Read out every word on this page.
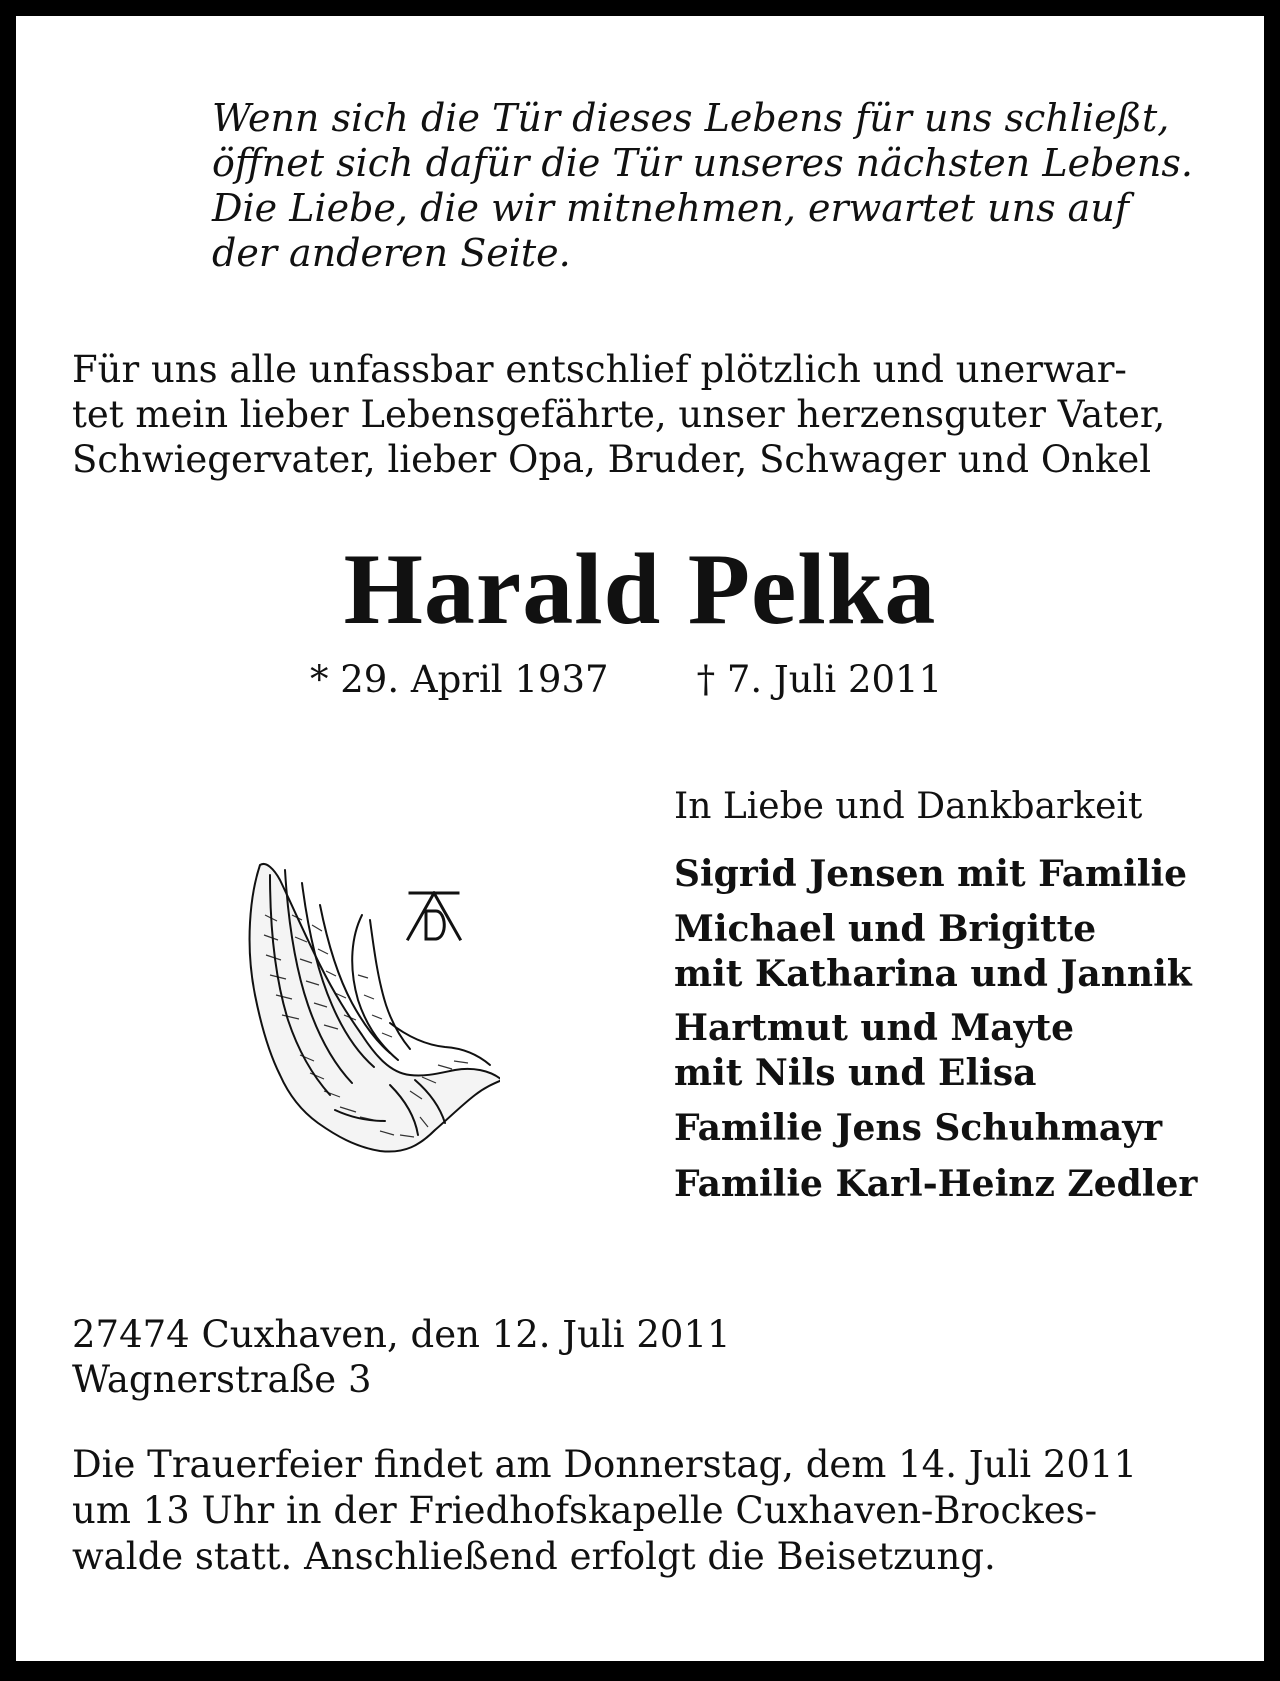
Wenn sich die Tür dieses Lebens für uns schließt,
öffnet sich dafür die Tür unseres nächsten Lebens.
Die Liebe, die wir mitnehmen, erwartet uns auf
der anderen Seite.
Für uns alle unfassbar entschlief plötzlich und unerwar-
tet mein lieber Lebensgefährte, unser herzensguter Vater,
Schwiegervater, lieber Opa, Bruder, Schwager und Onkel
Harald Pelka
* 29. April 1937 † 7. Juli 2011
In Liebe und Dankbarkeit
Sigrid Jensen mit Familie
Michael und Brigitte
mit Katharina und Jannik
Hartmut und Mayte
mit Nils und Elisa
Familie Jens Schuhmayr
Familie Karl-Heinz Zedler
27474 Cuxhaven, den 12. Juli 2011
Wagnerstraße 3
Die Trauerfeier findet am Donnerstag, dem 14. Juli 2011
um 13 Uhr in der Friedhofskapelle Cuxhaven-Brockes-
walde statt. Anschließend erfolgt die Beisetzung.
